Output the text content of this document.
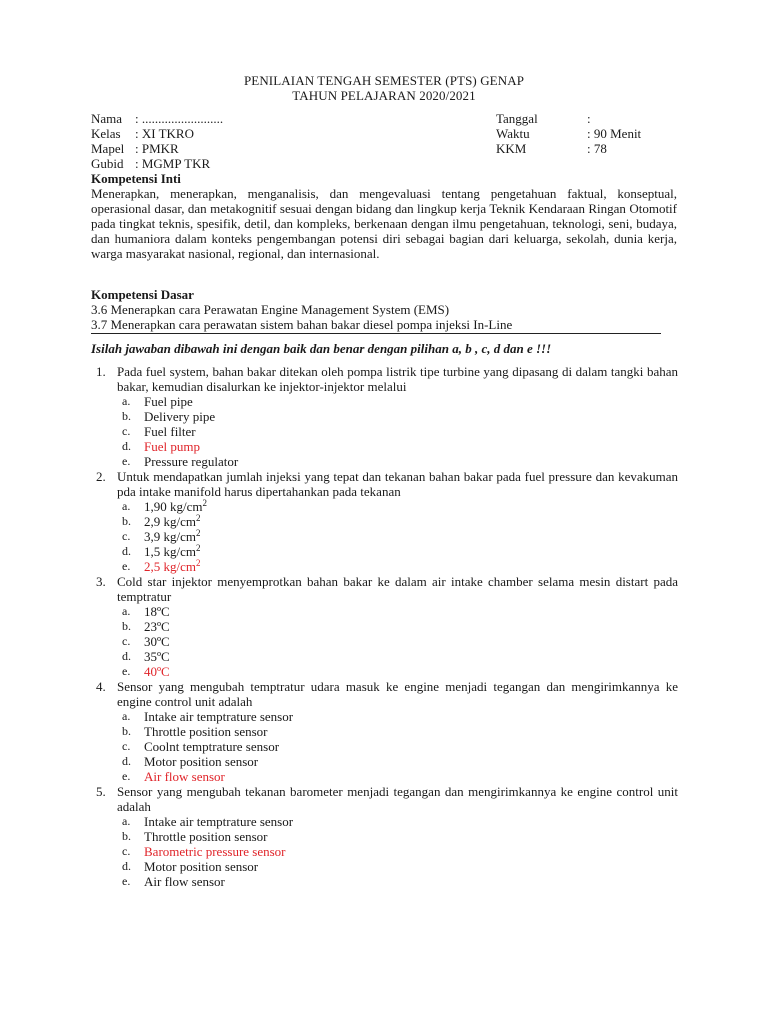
PENILAIAN TENGAH SEMESTER (PTS) GENAP
TAHUN PELAJARAN 2020/2021
Nama : .........................	Tanggal	:
Kelas : XI TKRO	Waktu	: 90 Menit
Mapel : PMKR	KKM	: 78
Gubid : MGMP TKR
Kompetensi Inti
Menerapkan, menerapkan, menganalisis, dan mengevaluasi tentang pengetahuan faktual, konseptual, operasional dasar, dan metakognitif sesuai dengan bidang dan lingkup kerja Teknik Kendaraan Ringan Otomotif pada tingkat teknis, spesifik, detil, dan kompleks, berkenaan dengan ilmu pengetahuan, teknologi, seni, budaya, dan humaniora dalam konteks pengembangan potensi diri sebagai bagian dari keluarga, sekolah, dunia kerja, warga masyarakat nasional, regional, dan internasional.
Kompetensi Dasar
3.6 Menerapkan cara Perawatan Engine Management System (EMS)
3.7 Menerapkan cara perawatan sistem bahan bakar diesel pompa injeksi In-Line
Isilah jawaban dibawah ini dengan baik dan benar dengan pilihan a, b , c, d dan e !!!
1. Pada fuel system, bahan bakar ditekan oleh pompa listrik tipe turbine yang dipasang di dalam tangki bahan bakar, kemudian disalurkan ke injektor-injektor melalui
a. Fuel pipe
b. Delivery pipe
c. Fuel filter
d. Fuel pump
e. Pressure regulator
2. Untuk mendapatkan jumlah injeksi yang tepat dan tekanan bahan bakar pada fuel pressure dan kevakuman pda intake manifold harus dipertahankan pada tekanan
a. 1,90 $kg/cm^2$
b. 2,9 $kg/cm^2$
c. 3,9 $kg/cm^2$
d. 1,5 $kg/cm^2$
e. 2,5 $kg/cm^2$
3. Cold star injektor menyemprotkan bahan bakar ke dalam air intake chamber selama mesin distart pada temptratur
a. 18ºC
b. 23ºC
c. 30ºC
d. 35ºC
e. 40ºC
4. Sensor yang mengubah temptratur udara masuk ke engine menjadi tegangan dan mengirimkannya ke engine control unit adalah
a. Intake air temptrature sensor
b. Throttle position sensor
c. Coolnt temptrature sensor
d. Motor position sensor
e. Air flow sensor
5. Sensor yang mengubah tekanan barometer menjadi tegangan dan mengirimkannya ke engine control unit adalah
a. Intake air temptrature sensor
b. Throttle position sensor
c. Barometric pressure sensor
d. Motor position sensor
e. Air flow sensor
